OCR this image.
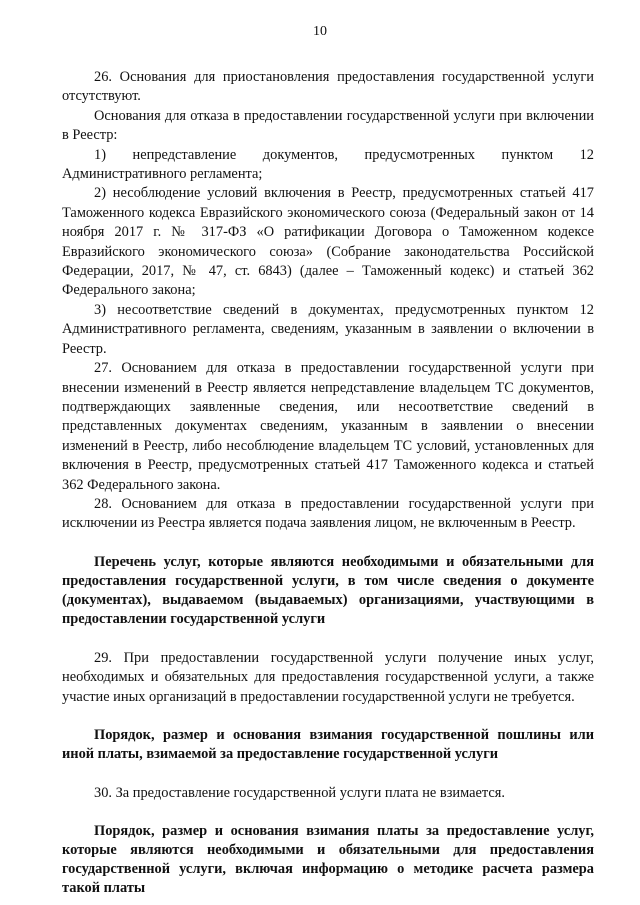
10

26. Основания для приостановления предоставления государственной услуги отсутствуют.

Основания для отказа в предоставлении государственной услуги при включении в Реестр:

1) непредставление документов, предусмотренных пунктом 12 Административного регламента;

2) несоблюдение условий включения в Реестр, предусмотренных статьей 417 Таможенного кодекса Евразийского экономического союза (Федеральный закон от 14 ноября 2017 г. № 317-ФЗ «О ратификации Договора о Таможенном кодексе Евразийского экономического союза» (Собрание законодательства Российской Федерации, 2017, № 47, ст. 6843) (далее – Таможенный кодекс) и статьей 362 Федерального закона;

3) несоответствие сведений в документах, предусмотренных пунктом 12 Административного регламента, сведениям, указанным в заявлении о включении в Реестр.

27. Основанием для отказа в предоставлении государственной услуги при внесении изменений в Реестр является непредставление владельцем ТС документов, подтверждающих заявленные сведения, или несоответствие сведений в представленных документах сведениям, указанным в заявлении о внесении изменений в Реестр, либо несоблюдение владельцем ТС условий, установленных для включения в Реестр, предусмотренных статьей 417 Таможенного кодекса и статьей 362 Федерального закона.

28. Основанием для отказа в предоставлении государственной услуги при исключении из Реестра является подача заявления лицом, не включенным в Реестр.

Перечень услуг, которые являются необходимыми и обязательными для предоставления государственной услуги, в том числе сведения о документе (документах), выдаваемом (выдаваемых) организациями, участвующими в предоставлении государственной услуги

29. При предоставлении государственной услуги получение иных услуг, необходимых и обязательных для предоставления государственной услуги, а также участие иных организаций в предоставлении государственной услуги не требуется.

Порядок, размер и основания взимания государственной пошлины или иной платы, взимаемой за предоставление государственной услуги

30. За предоставление государственной услуги плата не взимается.

Порядок, размер и основания взимания платы за предоставление услуг, которые являются необходимыми и обязательными для предоставления государственной услуги, включая информацию о методике расчета размера такой платы
